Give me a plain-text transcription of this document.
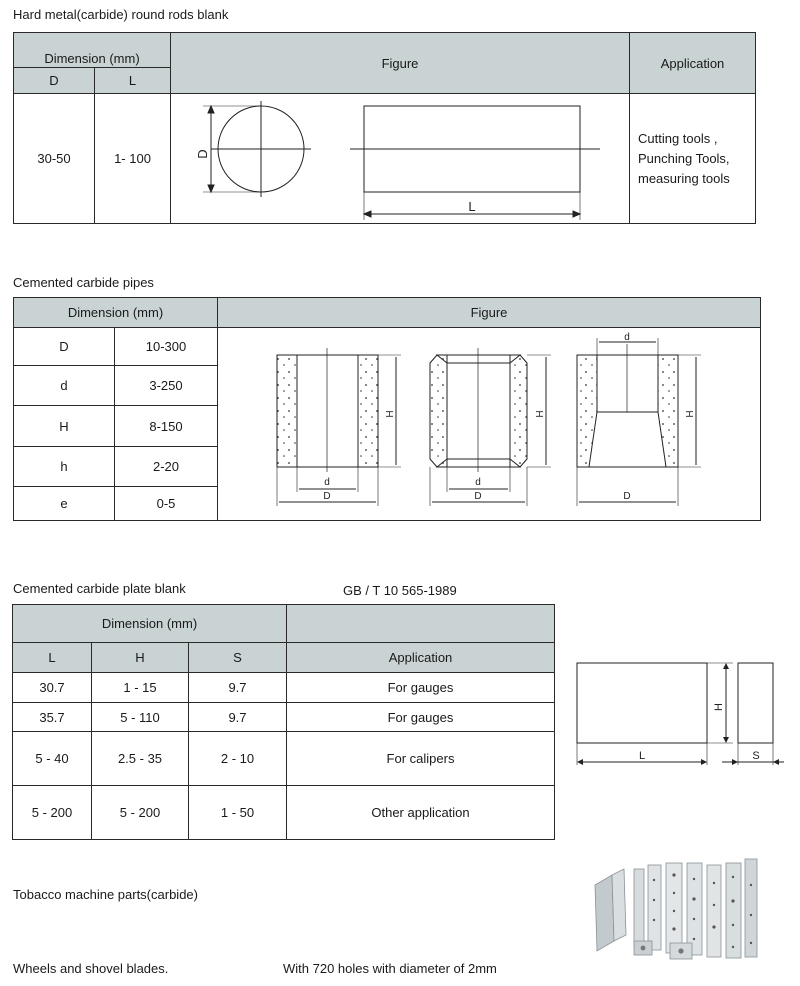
Hard metal(carbide) round rods blank
Dimension (mm)		Figure	Application
D	L		
30-50	1- 100		Cutting tools ,
Punching Tools,
measuring tools
D
L
Cemented carbide pipes
Dimension (mm)		Figure
D	10-300	
d	3-250	
H	8-150	
h	2-20	
e	0-5	
d
D
H
d
D
H
d
D
H
Cemented carbide plate blank	GB / T 10 565-1989
Dimension (mm)			
L	H	S	Application
30.7	1 - 15	9.7	For gauges
35.7	5 - 110	9.7	For gauges
5 - 40	2.5 - 35	2 - 10	For calipers
5 - 200	5 - 200	1 - 50	Other application
H
L	S
Tobacco machine parts(carbide)
Wheels and shovel blades.	With 720 holes with diameter of 2mm
